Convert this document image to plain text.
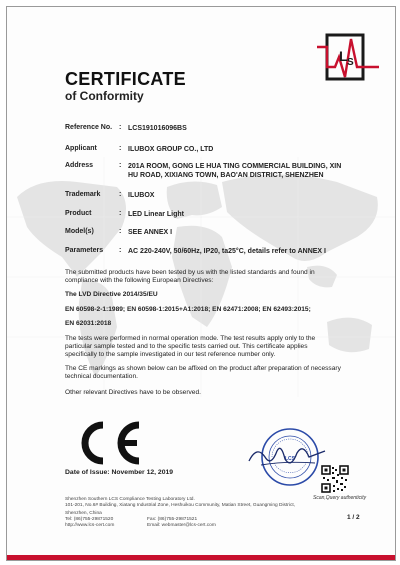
L S
CERTIFICATE
of Conformity
Reference No. : LCS191016096BS
Applicant	: ILUBOX GROUP CO., LTD
Address	: 201A ROOM, GONG LE HUA TING COMMERCIAL BUILDING, XIN HU ROAD, XIXIANG TOWN, BAO'AN DISTRICT, SHENZHEN
Trademark	: ILUBOX
Product	: LED Linear Light
Model(s)	: SEE ANNEX I
Parameters : AC 220-240V, 50/60Hz, IP20, ta25°C, details refer to ANNEX I
The submitted products have been tested by us with the listed standards and found in compliance with the following European Directives:
The LVD Directive 2014/35/EU
EN 60598-2-1:1989; EN 60598-1:2015+A1:2018; EN 62471:2008; EN 62493:2015;
EN 62031:2018
The tests were performed in normal operation mode. The test results apply only to the particular sample tested and to the specific tests carried out. This certificate applies specifically to the sample investigated in our test reference number only.
The CE markings as shown below can be affixed on the product after preparation of necessary technical documentation.
Other relevant Directives have to be observed.
Date of Issue: November 12, 2019
LCS
Scan,Query authenticity
Shenzhen Southern LCS Compliance Testing Laboratory Ltd.
101-201, No.6# Building, Xiatang Industrial Zone, Heshuikou Community, Matian Street, Guangming District,
Shenzhen, China
Tel: (86)755-29871520	Fax: (86)755-29871521
http://www.lcs-cert.com	Email: webmaster@lcs-cert.com
1 / 2
